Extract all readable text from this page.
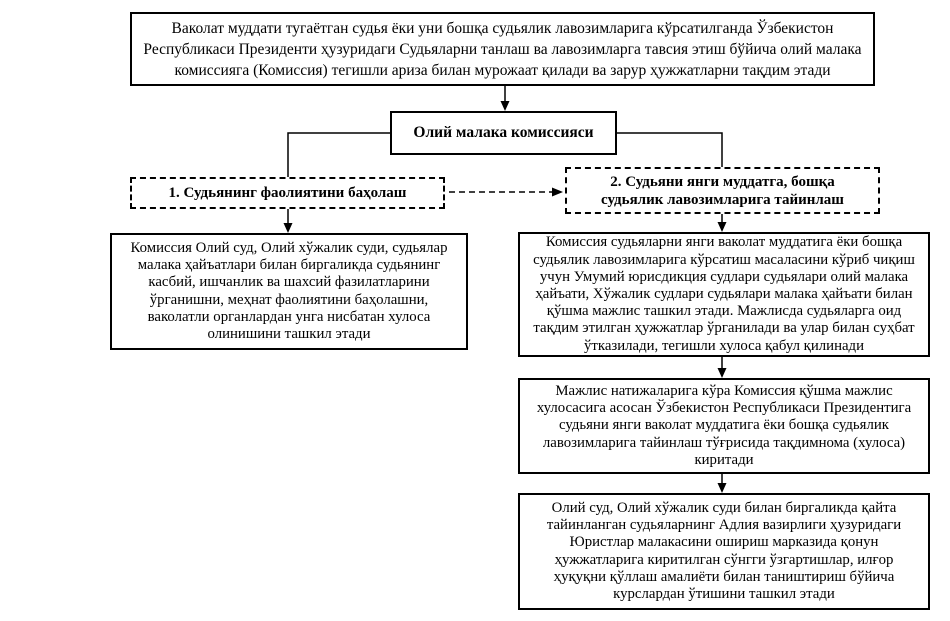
Ваколат муддати тугаётган судья ёки уни бошқа судьялик лавозимларига кўрсатилганда Ўзбекистон Республикаси Президенти ҳузуридаги Судьяларни танлаш ва лавозимларга тавсия этиш бўйича олий малака комиссияга (Комиссия) тегишли ариза билан мурожаат қилади ва зарур ҳужжатларни тақдим этади
Олий малака комиссияси
1. Судьянинг фаолиятини баҳолаш
2. Судьяни янги муддатга, бошқа судьялик лавозимларига тайинлаш
Комиссия Олий суд, Олий хўжалик суди, судьялар малака ҳайъатлари билан биргаликда судьянинг касбий, ишчанлик ва шахсий фазилатларини ўрганишни, меҳнат фаолиятини баҳолашни, ваколатли органлардан унга нисбатан хулоса олинишини ташкил этади
Комиссия судьяларни янги ваколат муддатига ёки бошқа судьялик лавозимларига кўрсатиш масаласини кўриб чиқиш учун Умумий юрисдикция судлари судьялари олий малака ҳайъати, Хўжалик судлари судьялари малака ҳайъати билан қўшма мажлис ташкил этади. Мажлисда судьяларга оид тақдим этилган ҳужжатлар ўрганилади ва улар билан суҳбат ўтказилади, тегишли хулоса қабул қилинади
Мажлис натижаларига кўра Комиссия қўшма мажлис хулосасига асосан Ўзбекистон Республикаси Президентига судьяни янги ваколат муддатига ёки бошқа судьялик лавозимларига тайинлаш тўғрисида тақдимнома (хулоса) киритади
Олий суд, Олий хўжалик суди билан биргаликда қайта тайинланган судьяларнинг Адлия вазирлиги ҳузуридаги Юристлар малакасини ошириш марказида қонун ҳужжатларига киритилган сўнгги ўзгартишлар, илғор ҳуқуқни қўллаш амалиёти билан таништириш бўйича курслардан ўтишини ташкил этади
